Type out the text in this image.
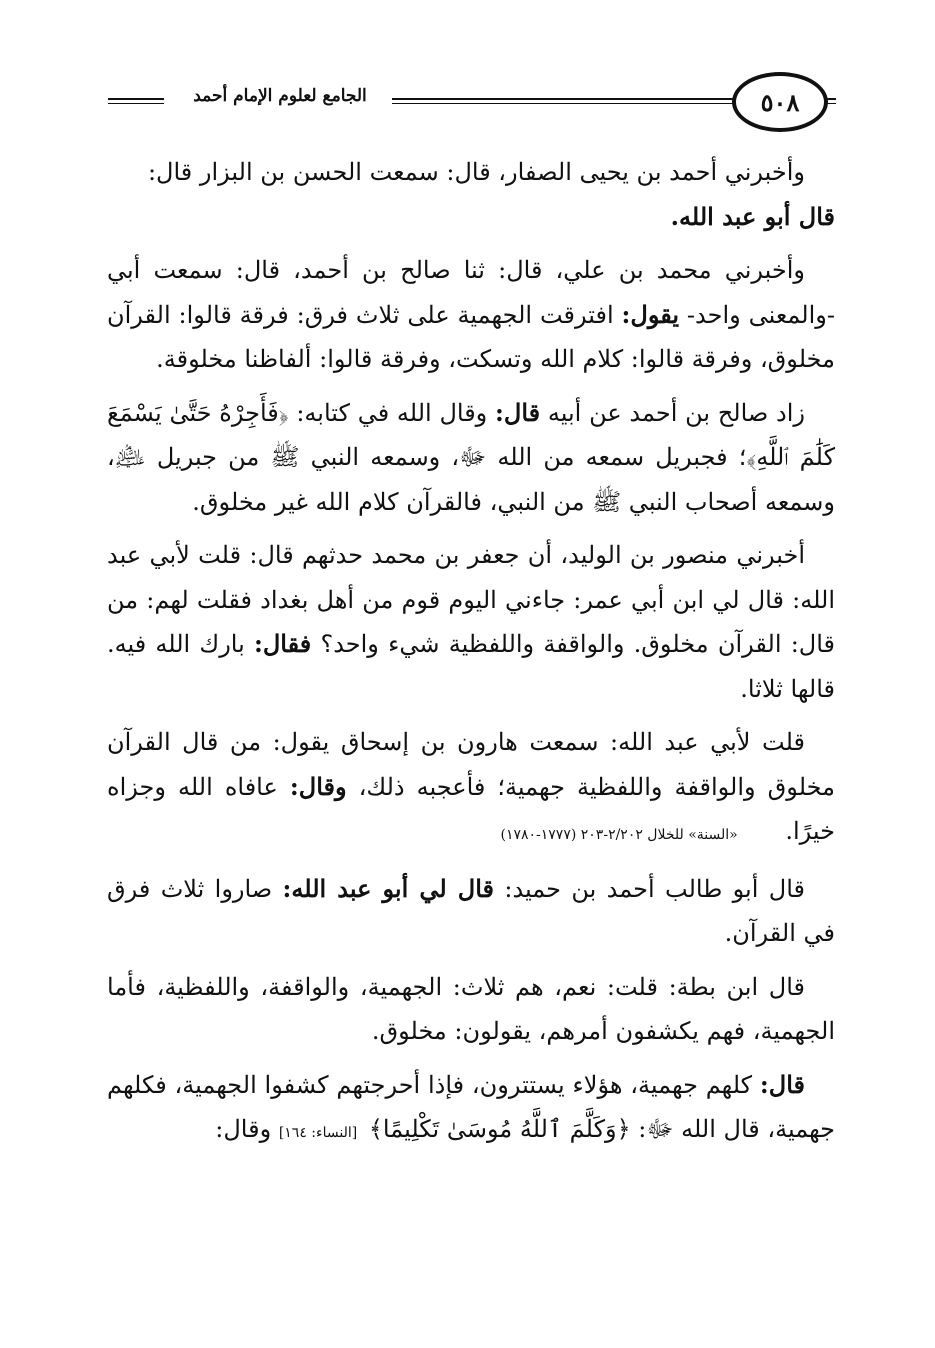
٥٠٨
الجامع لعلوم الإمام أحمد

وأخبرني أحمد بن يحيى الصفار، قال: سمعت الحسن بن البزار قال:
قال أبو عبد الله.

وأخبرني محمد بن علي، قال: ثنا صالح بن أحمد، قال: سمعت أبي -والمعنى واحد- يقول: افترقت الجهمية على ثلاث فرق: فرقة قالوا: القرآن مخلوق، وفرقة قالوا: كلام الله وتسكت، وفرقة قالوا: ألفاظنا مخلوقة.

زاد صالح بن أحمد عن أبيه قال: وقال الله في كتابه: ﴿فَأَجِرْهُ حَتَّىٰ يَسْمَعَ كَلَٰمَ ٱللَّهِ﴾؛ فجبريل سمعه من الله ﷻ، وسمعه النبي ﷺ من جبريل ﵇، وسمعه أصحاب النبي ﷺ من النبي، فالقرآن كلام الله غير مخلوق.

أخبرني منصور بن الوليد، أن جعفر بن محمد حدثهم قال: قلت لأبي عبد الله: قال لي ابن أبي عمر: جاءني اليوم قوم من أهل بغداد فقلت لهم: من قال: القرآن مخلوق. والواقفة واللفظية شيء واحد؟ فقال: بارك الله فيه. قالها ثلاثا.

قلت لأبي عبد الله: سمعت هارون بن إسحاق يقول: من قال القرآن مخلوق والواقفة واللفظية جهمية؛ فأعجبه ذلك، وقال: عافاه الله وجزاه خيرًا. «السنة» للخلال ٢/٢٠٢-٢٠٣ (١٧٧٧-١٧٨٠)

قال أبو طالب أحمد بن حميد: قال لي أبو عبد الله: صاروا ثلاث فرق في القرآن.

قال ابن بطة: قلت: نعم، هم ثلاث: الجهمية، والواقفة، واللفظية، فأما الجهمية، فهم يكشفون أمرهم، يقولون: مخلوق.

قال: كلهم جهمية، هؤلاء يستترون، فإذا أحرجتهم كشفوا الجهمية، فكلهم جهمية، قال الله ﷻ: ﴿وَكَلَّمَ ٱللَّهُ مُوسَىٰ تَكْلِيمًا﴾ [النساء: ١٦٤] وقال:
